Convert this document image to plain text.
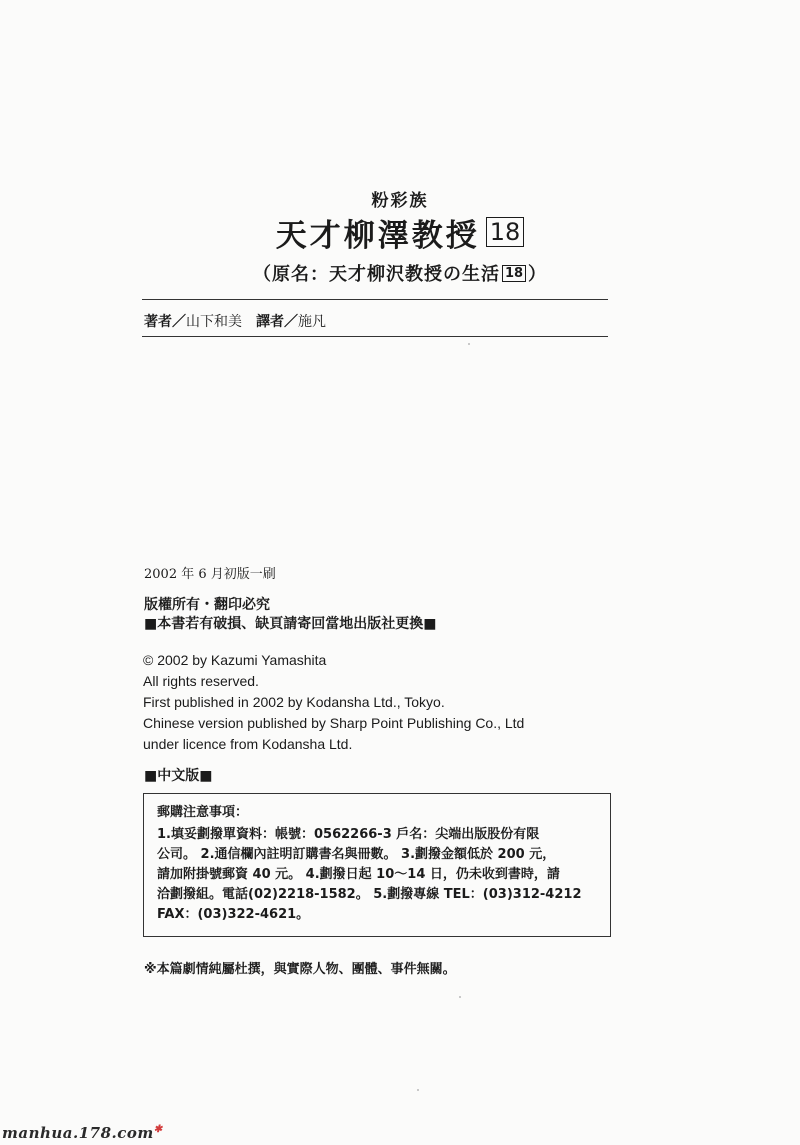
粉彩族
天才柳澤教授 18
（原名：天才柳沢教授の生活 18 ）
著者／山下和美 譯者／施凡
2002 年 6 月初版一刷
版權所有・翻印必究
■本書若有破損、缺頁請寄回當地出版社更換■
© 2002 by Kazumi Yamashita
All rights reserved.
First published in 2002 by Kodansha Ltd., Tokyo.
Chinese version published by Sharp Point Publishing Co., Ltd
under licence from Kodansha Ltd.
■中文版■
郵購注意事項：
1.填妥劃撥單資料：帳號：0562266-3 戶名：尖端出版股份有限
公司。 2.通信欄內註明訂購書名與冊數。 3.劃撥金額低於 200 元，
請加附掛號郵資 40 元。 4.劃撥日起 10～14 日，仍未收到書時，請
洽劃撥組。電話(02)2218-1582。 5.劃撥專線 TEL：(03)312-4212
FAX：(03)322-4621。
※本篇劇情純屬杜撰，與實際人物、團體、事件無關。
manhua.178.com✱
